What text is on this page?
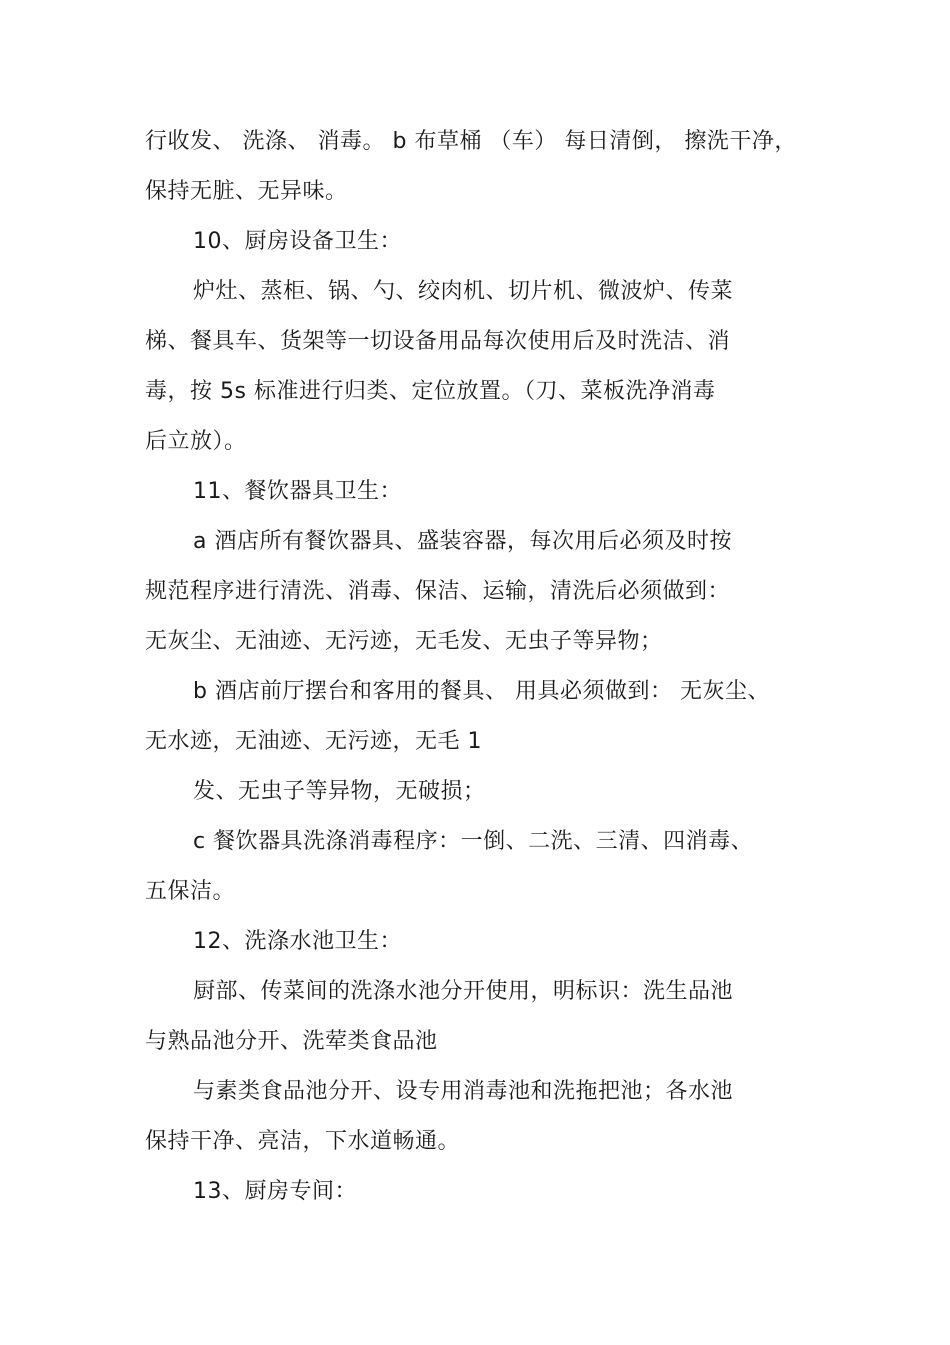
行收发、 洗涤、 消毒。 b 布草桶 （车） 每日清倒， 擦洗干净，
保持无脏、无异味。
10、厨房设备卫生：
炉灶、蒸柜、锅、勺、绞肉机、切片机、微波炉、传菜
梯、餐具车、货架等一切设备用品每次使用后及时洗洁、消
毒，按 5s 标准进行归类、定位放置。（刀、菜板洗净消毒
后立放）。
11、餐饮器具卫生：
a 酒店所有餐饮器具、盛装容器，每次用后必须及时按
规范程序进行清洗、消毒、保洁、运输，清洗后必须做到：
无灰尘、无油迹、无污迹，无毛发、无虫子等异物；
b 酒店前厅摆台和客用的餐具、 用具必须做到： 无灰尘、
无水迹，无油迹、无污迹，无毛 1
发、无虫子等异物，无破损；
c 餐饮器具洗涤消毒程序：一倒、二洗、三清、四消毒、
五保洁。
12、洗涤水池卫生：
厨部、传菜间的洗涤水池分开使用，明标识：洗生品池
与熟品池分开、洗荤类食品池
与素类食品池分开、设专用消毒池和洗拖把池；各水池
保持干净、亮洁，下水道畅通。
13、厨房专间：
